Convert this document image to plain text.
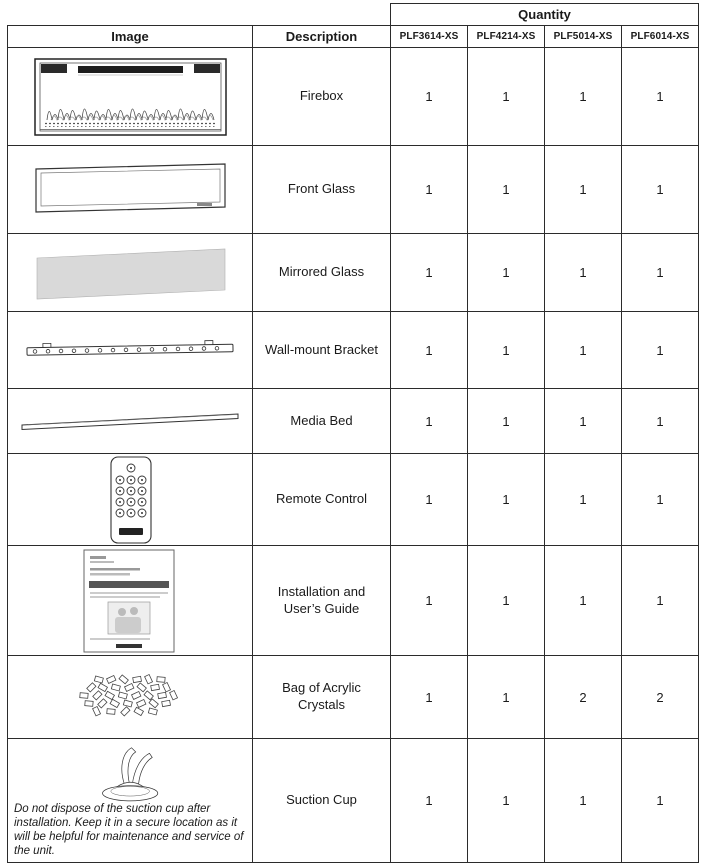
		Quantity			
Image	Description	PLF3614-XS	PLF4214-XS	PLF5014-XS	PLF6014-XS
	Firebox	1	1	1	1
	Front Glass	1	1	1	1
	Mirrored Glass	1	1	1	1
	Wall-mount Bracket	1	1	1	1
	Media Bed	1	1	1	1
	Remote Control	1	1	1	1
	Installation and User’s Guide	1	1	1	1
	Bag of Acrylic Crystals	1	1	2	2

Do not dispose of the suction cup after installation. Keep it in a secure location as it will be helpful for maintenance and service of the unit.	Suction Cup	1	1	1	1
